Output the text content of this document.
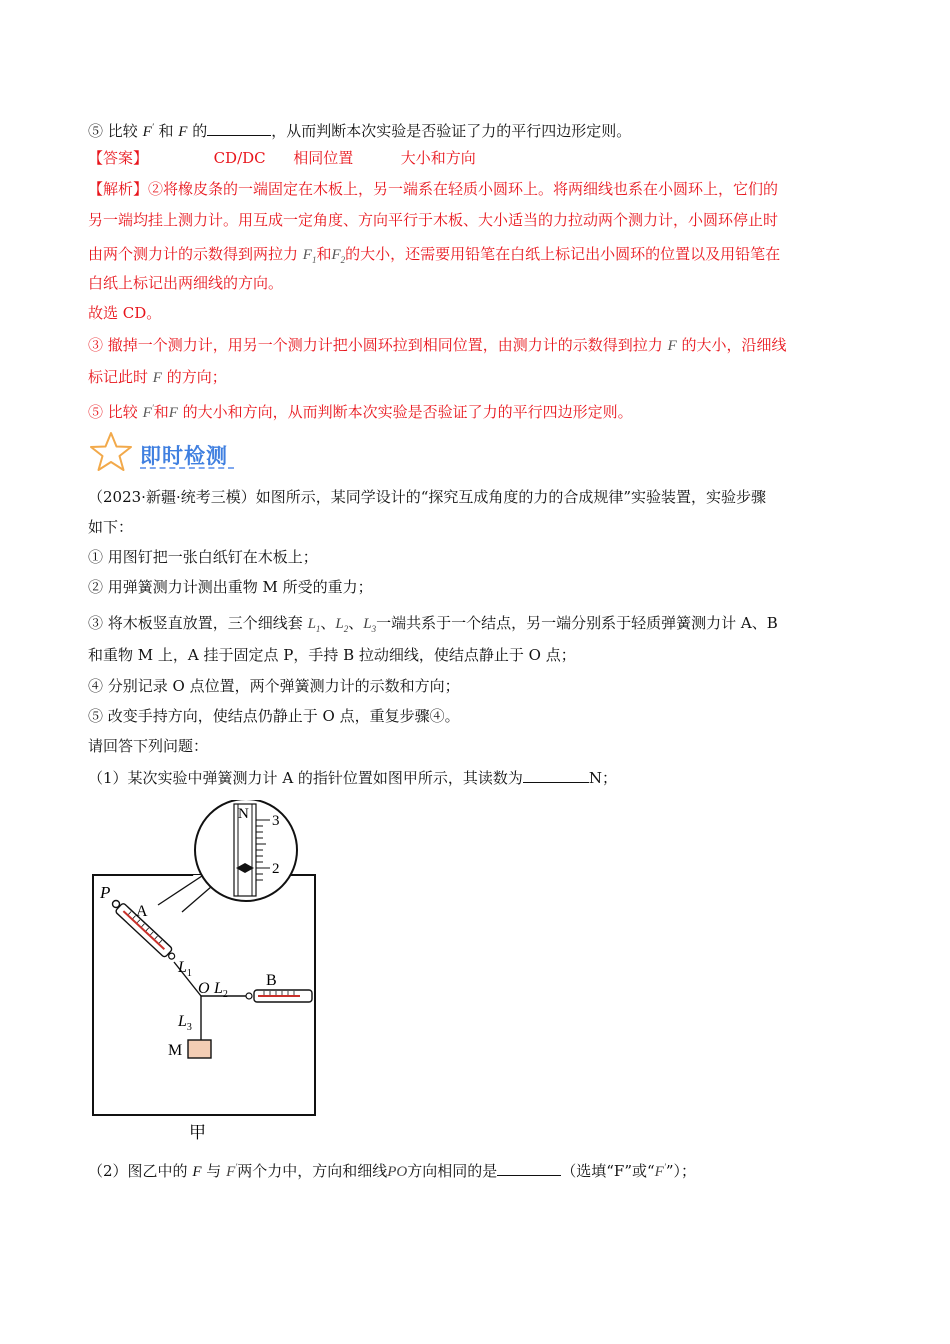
⑤ 比较 F′ 和 F 的	，从而判断本次实验是否验证了力的平行四边形定则。
【答案】	CD/DC 相同位置	大小和方向
【解析】②将橡皮条的一端固定在木板上，另一端系在轻质小圆环上。将两细线也系在小圆环上，它们的
另一端均挂上测力计。用互成一定角度、方向平行于木板、大小适当的力拉动两个测力计，小圆环停止时
由两个测力计的示数得到两拉力 $F_1$和$F_2$的大小，还需要用铅笔在白纸上标记出小圆环的位置以及用铅笔在
白纸上标记出两细线的方向。
故选 CD。
③ 撤掉一个测力计，用另一个测力计把小圆环拉到相同位置，由测力计的示数得到拉力 F 的大小，沿细线
标记此时 F 的方向；
⑤ 比较 F′和F 的大小和方向，从而判断本次实验是否验证了力的平行四边形定则。
即时检测
（2023·新疆·统考三模）如图所示，某同学设计的“探究互成角度的力的合成规律”实验装置，实验步骤
如下：
① 用图钉把一张白纸钉在木板上；
② 用弹簧测力计测出重物 M 所受的重力；
③ 将木板竖直放置，三个细线套 $L_1$、$L_2$、$L_3$一端共系于一个结点，另一端分别系于轻质弹簧测力计 A、B
和重物 M 上，A 挂于固定点 P，手持 B 拉动细线，使结点静止于 O 点；
④ 分别记录 O 点位置，两个弹簧测力计的示数和方向；
⑤ 改变手持方向，使结点仍静止于 O 点，重复步骤④。
请回答下列问题：
（1）某次实验中弹簧测力计 A 的指针位置如图甲所示，其读数为	N；
N 3
2
P
A
$L_1$
O $L_2$
$L_3$
B
M
甲
（2）图乙中的 F 与 F′两个力中，方向和细线PO方向相同的是	（选填“F”或“F′”）；
